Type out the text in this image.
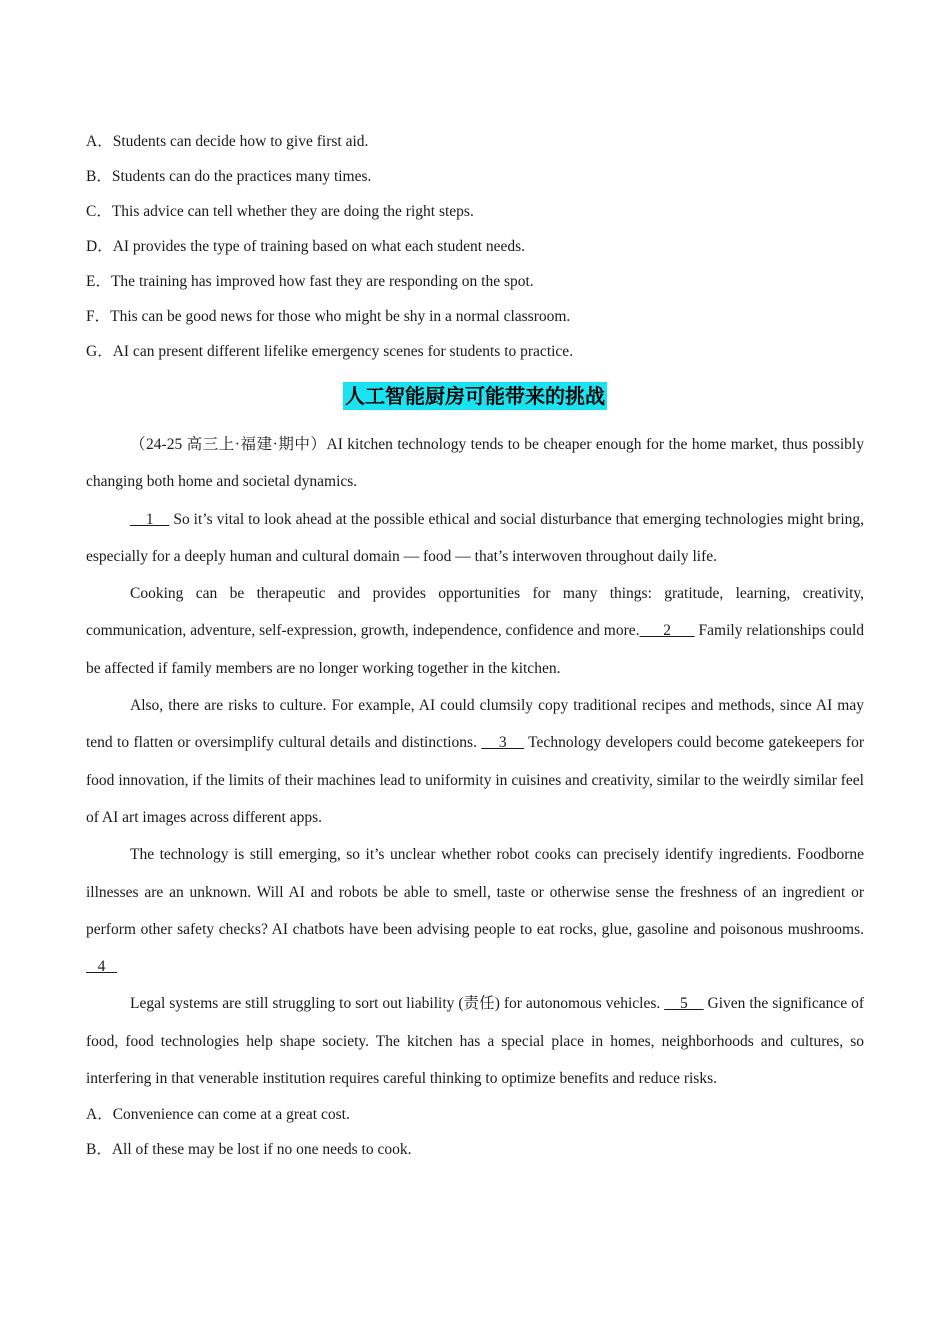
A．Students can decide how to give first aid.
B．Students can do the practices many times.
C．This advice can tell whether they are doing the right steps.
D．AI provides the type of training based on what each student needs.
E．The training has improved how fast they are responding on the spot.
F．This can be good news for those who might be shy in a normal classroom.
G．AI can present different lifelike emergency scenes for students to practice.
人工智能厨房可能带来的挑战

（24-25 高三上·福建·期中）AI kitchen technology tends to be cheaper enough for the home market, thus possibly changing both home and societal dynamics.

1     So it’s vital to look ahead at the possible ethical and social disturbance that emerging technologies might bring, especially for a deeply human and cultural domain — food — that’s interwoven throughout daily life.

Cooking can be therapeutic and provides opportunities for many things: gratitude, learning, creativity, communication, adventure, self-expression, growth, independence, confidence and more.      2       Family relationships could be affected if family members are no longer working together in the kitchen.

Also, there are risks to culture. For example, AI could clumsily copy traditional recipes and methods, since AI may tend to flatten or oversimplify cultural details and distinctions.     3     Technology developers could become gatekeepers for food innovation, if the limits of their machines lead to uniformity in cuisines and creativity, similar to the weirdly similar feel of AI art images across different apps.

The technology is still emerging, so it’s unclear whether robot cooks can precisely identify ingredients. Foodborne illnesses are an unknown. Will AI and robots be able to smell, taste or otherwise sense the freshness of an ingredient or perform other safety checks? AI chatbots have been advising people to eat rocks, glue, gasoline and poisonous mushrooms.    4

Legal systems are still struggling to sort out liability (责任) for autonomous vehicles.     5     Given the significance of food, food technologies help shape society. The kitchen has a special place in homes, neighborhoods and cultures, so interfering in that venerable institution requires careful thinking to optimize benefits and reduce risks.

A．Convenience can come at a great cost.
B．All of these may be lost if no one needs to cook.
